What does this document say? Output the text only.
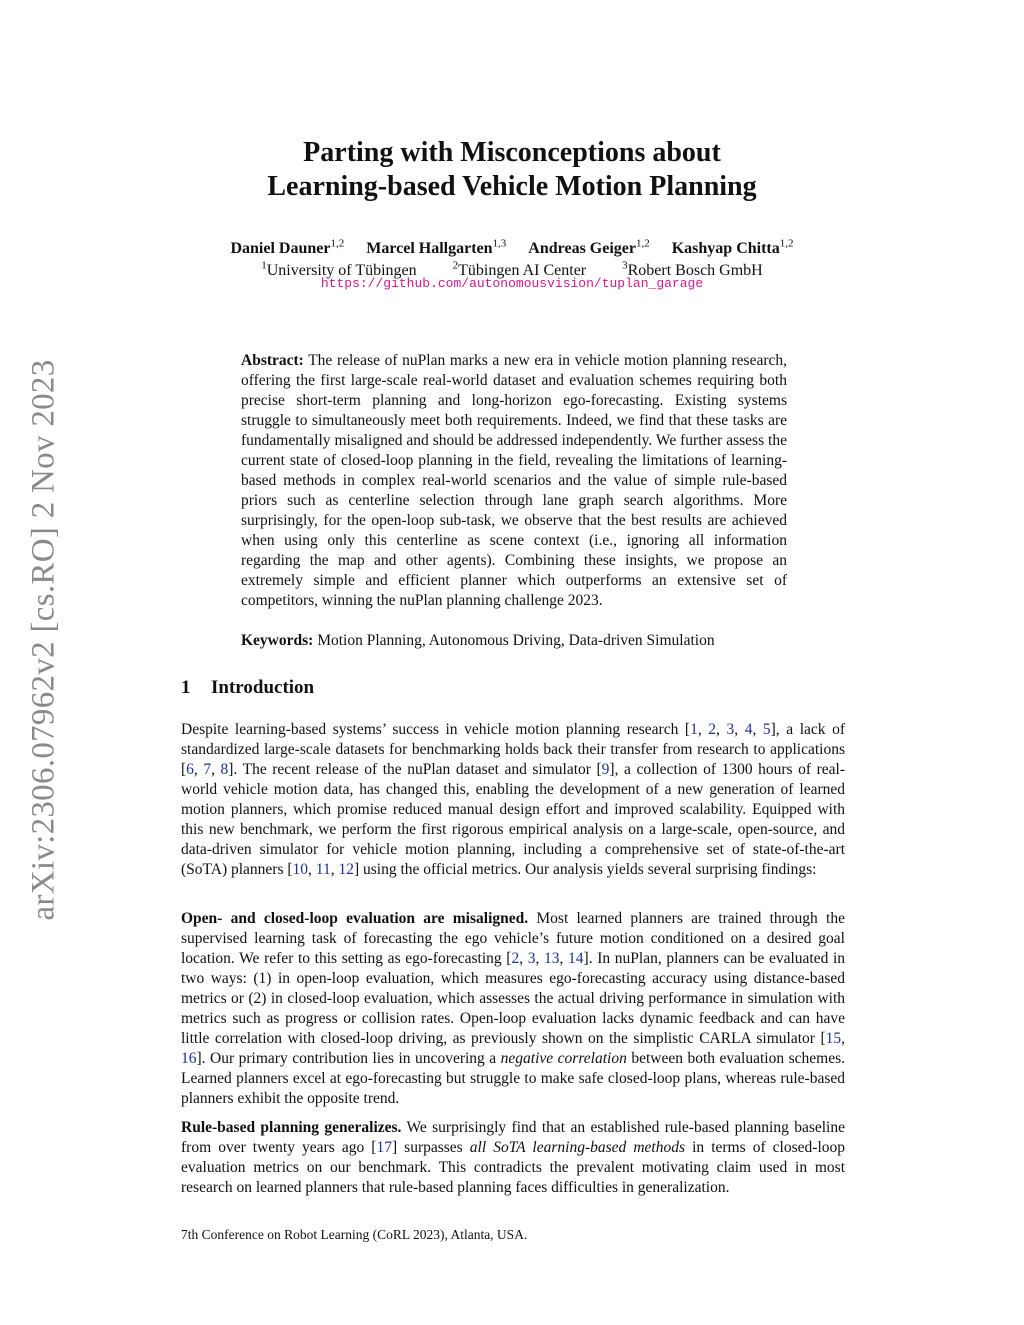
arXiv:2306.07962v2 [cs.RO] 2 Nov 2023
Parting with Misconceptions about
Learning-based Vehicle Motion Planning
Daniel Dauner$^{1,2}$ Marcel Hallgarten$^{1,3}$ Andreas Geiger$^{1,2}$ Kashyap Chitta$^{1,2}$
$^1$University of Tübingen	$^2$Tübingen AI Center	$^3$Robert Bosch GmbH
https://github.com/autonomousvision/tuplan_garage
Abstract: The release of nuPlan marks a new era in vehicle motion planning research, offering the first large-scale real-world dataset and evaluation schemes requiring both precise short-term planning and long-horizon ego-forecasting. Existing systems struggle to simultaneously meet both requirements. Indeed, we find that these tasks are fundamentally misaligned and should be addressed independently. We further assess the current state of closed-loop planning in the field, revealing the limitations of learning-based methods in complex real-world scenarios and the value of simple rule-based priors such as centerline selection through lane graph search algorithms. More surprisingly, for the open-loop sub-task, we observe that the best results are achieved when using only this centerline as scene context (i.e., ignoring all information regarding the map and other agents). Combining these insights, we propose an extremely simple and efficient planner which outperforms an extensive set of competitors, winning the nuPlan planning challenge 2023.
Keywords: Motion Planning, Autonomous Driving, Data-driven Simulation
1 Introduction
Despite learning-based systems’ success in vehicle motion planning research [1, 2, 3, 4, 5], a lack of standardized large-scale datasets for benchmarking holds back their transfer from research to applications [6, 7, 8]. The recent release of the nuPlan dataset and simulator [9], a collection of 1300 hours of real-world vehicle motion data, has changed this, enabling the development of a new generation of learned motion planners, which promise reduced manual design effort and improved scalability. Equipped with this new benchmark, we perform the first rigorous empirical analysis on a large-scale, open-source, and data-driven simulator for vehicle motion planning, including a comprehensive set of state-of-the-art (SoTA) planners [10, 11, 12] using the official metrics. Our analysis yields several surprising findings:
Open- and closed-loop evaluation are misaligned. Most learned planners are trained through the supervised learning task of forecasting the ego vehicle’s future motion conditioned on a desired goal location. We refer to this setting as ego-forecasting [2, 3, 13, 14]. In nuPlan, planners can be evaluated in two ways: (1) in open-loop evaluation, which measures ego-forecasting accuracy using distance-based metrics or (2) in closed-loop evaluation, which assesses the actual driving performance in simulation with metrics such as progress or collision rates. Open-loop evaluation lacks dynamic feedback and can have little correlation with closed-loop driving, as previously shown on the simplistic CARLA simulator [15, 16]. Our primary contribution lies in uncovering a negative correlation between both evaluation schemes. Learned planners excel at ego-forecasting but struggle to make safe closed-loop plans, whereas rule-based planners exhibit the opposite trend.
Rule-based planning generalizes. We surprisingly find that an established rule-based planning baseline from over twenty years ago [17] surpasses all SoTA learning-based methods in terms of closed-loop evaluation metrics on our benchmark. This contradicts the prevalent motivating claim used in most research on learned planners that rule-based planning faces difficulties in generalization.
7th Conference on Robot Learning (CoRL 2023), Atlanta, USA.
